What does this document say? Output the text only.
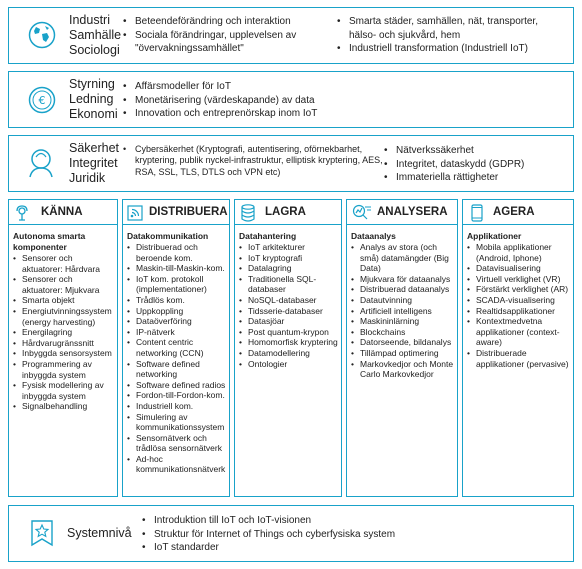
Industri
Samhälle
Sociologi
• Beteendeförändring och interaktion
• Sociala förändringar, upplevelsen av "övervakningssamhället"
• Smarta städer, samhällen, nät, transporter, hälso- och sjukvård, hem
• Industriell transformation (Industriell IoT)
€
Styrning
Ledning
Ekonomi
• Affärsmodeller för IoT
• Monetärisering (värdeskapande) av data
• Innovation och entreprenörskap inom IoT
Säkerhet
Integritet
Juridik
• Cybersäkerhet (Kryptografi, autentisering, oförnekbarhet, kryptering, publik nyckel-infrastruktur, elliptisk kryptering, AES, RSA, SSL, TLS, DTLS och VPN etc)
• Nätverkssäkerhet
• Integritet, dataskydd (GDPR)
• Immateriella rättigheter
KÄNNA
Autonoma smarta komponenter
• Sensorer och aktuatorer: Hårdvara
• Sensorer och aktuatorer: Mjukvara
• Smarta objekt
• Energiutvinningssystem (energy harvesting)
• Energilagring
• Hårdvarugränssnitt
• Inbyggda sensorsystem
• Programmering av inbyggda system
• Fysisk modellering av inbyggda system
• Signalbehandling
DISTRIBUERA
Datakommunikation
• Distribuerad och beroende kom.
• Maskin-till-Maskin-kom.
• IoT kom. protokoll (implementationer)
• Trådlös kom.
• Uppkoppling
• Dataöverföring
• IP-nätverk
• Content centric networking (CCN)
• Software defined networking
• Software defined radios
• Fordon-till-Fordon-kom.
• Industriell kom.
• Simulering av kommunikationssystem
• Sensornätverk och trådlösa sensornätverk
• Ad-hoc kommunikationsnätverk
LAGRA
Datahantering
• IoT arkitekturer
• IoT kryptografi
• Datalagring
• Traditionella SQL-databaser
• NoSQL-databaser
• Tidsserie-databaser
• Datasjöar
• Post quantum-krypon
• Homomorfisk kryptering
• Datamodellering
• Ontologier
ANALYSERA
Dataanalys
• Analys av stora (och små) datamängder (Big Data)
• Mjukvara för dataanalys
• Distribuerad dataanalys
• Datautvinning
• Artificiell intelligens
• Maskininlärning
• Blockchains
• Datorseende, bildanalys
• Tillämpad optimering
• Markovkedjor och Monte Carlo Markovkedjor
AGERA
Applikationer
• Mobila applikationer (Android, Iphone)
• Datavisualisering
• Virtuell verklighet (VR)
• Förstärkt verklighet (AR)
• SCADA-visualisering
• Realtidsapplikationer
• Kontextmedvetna applikationer (context-aware)
• Distribuerade applikationer (pervasive)
Systemnivå
• Introduktion till IoT och IoT-visionen
• Struktur för Internet of Things och cyberfysiska system
• IoT standarder
